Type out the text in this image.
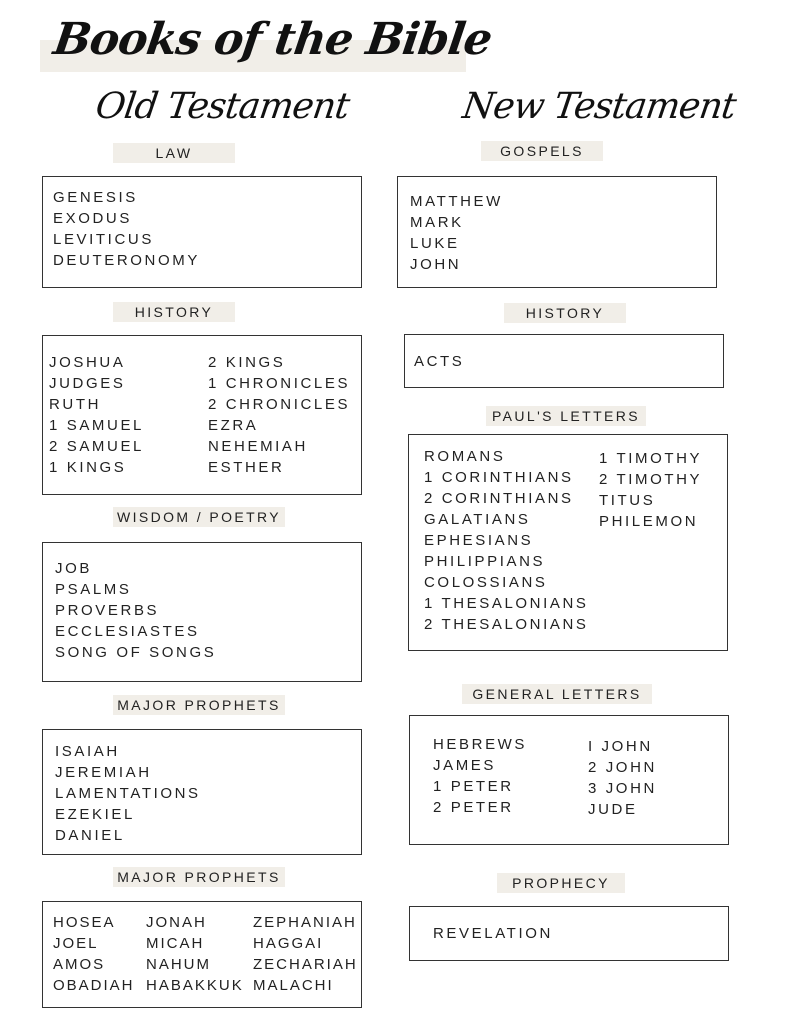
Books of the Bible
Old Testament	New Testament
LAW
GENESIS
EXODUS
LEVITICUS
DEUTERONOMY
HISTORY
JOSHUA
JUDGES
RUTH
1 SAMUEL
2 SAMUEL
1 KINGS
2 KINGS
1 CHRONICLES
2 CHRONICLES
EZRA
NEHEMIAH
ESTHER
WISDOM / POETRY
JOB
PSALMS
PROVERBS
ECCLESIASTES
SONG OF SONGS
MAJOR PROPHETS
ISAIAH
JEREMIAH
LAMENTATIONS
EZEKIEL
DANIEL
MAJOR PROPHETS
HOSEA
JOEL
AMOS
OBADIAH
JONAH
MICAH
NAHUM
HABAKKUK
ZEPHANIAH
HAGGAI
ZECHARIAH
MALACHI
GOSPELS
MATTHEW
MARK
LUKE
JOHN
HISTORY
ACTS
PAUL'S LETTERS
ROMANS
1 CORINTHIANS
2 CORINTHIANS
GALATIANS
EPHESIANS
PHILIPPIANS
COLOSSIANS
1 THESALONIANS
2 THESALONIANS
1 TIMOTHY
2 TIMOTHY
TITUS
PHILEMON
GENERAL LETTERS
HEBREWS
JAMES
1 PETER
2 PETER
I JOHN
2 JOHN
3 JOHN
JUDE
PROPHECY
REVELATION
